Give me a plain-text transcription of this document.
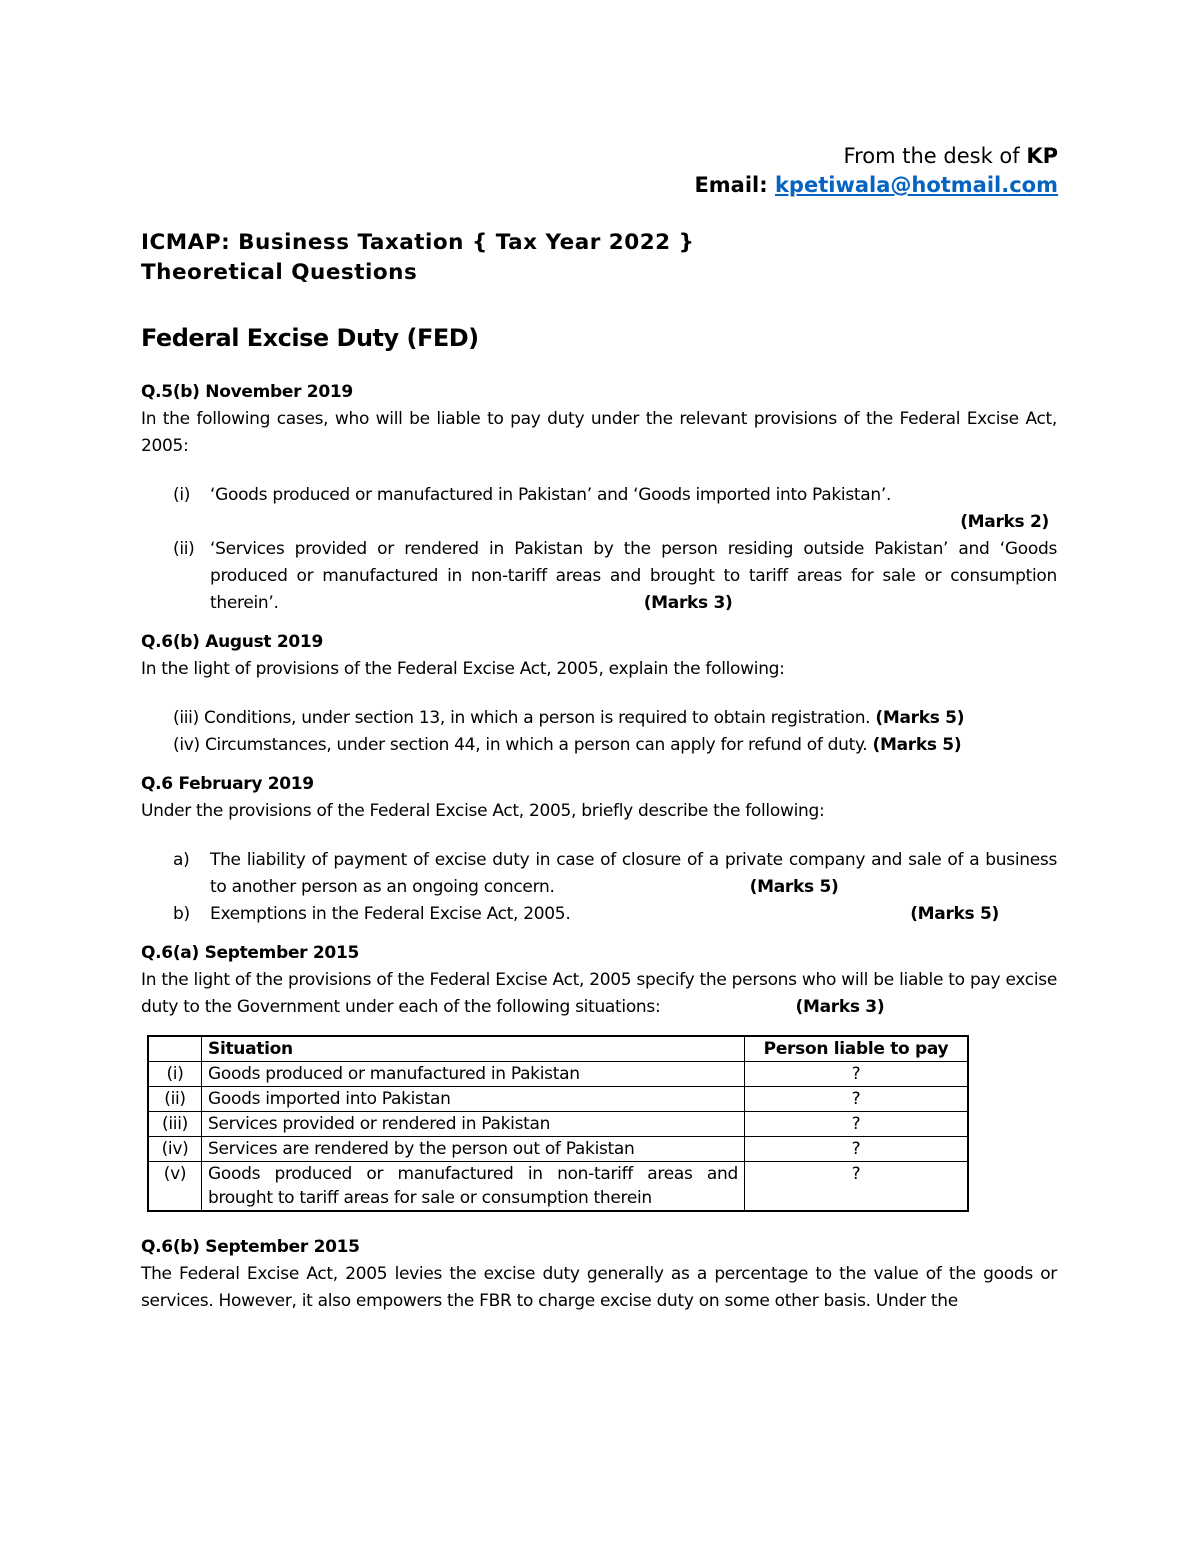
From the desk of KP
Email: kpetiwala@hotmail.com
ICMAP: Business Taxation { Tax Year 2022 }
Theoretical Questions
Federal Excise Duty (FED)

Q.5(b) November 2019

In the following cases, who will be liable to pay duty under the relevant provisions of the Federal Excise Act, 2005:

(i) ‘Goods produced or manufactured in Pakistan’ and ‘Goods imported into Pakistan’.
(Marks 2)
(ii) ‘Services provided or rendered in Pakistan by the person residing outside Pakistan’ and ‘Goods produced or manufactured in non-tariff areas and brought to tariff areas for sale or consumption therein’.	(Marks 3)

Q.6(b) August 2019

In the light of provisions of the Federal Excise Act, 2005, explain the following:

(iii) Conditions, under section 13, in which a person is required to obtain registration. (Marks 5)
(iv) Circumstances, under section 44, in which a person can apply for refund of duty. (Marks 5)

Q.6 February 2019

Under the provisions of the Federal Excise Act, 2005, briefly describe the following:

a) The liability of payment of excise duty in case of closure of a private company and sale of a business to another person as an ongoing concern.	(Marks 5)
b) Exemptions in the Federal Excise Act, 2005.	(Marks 5)

Q.6(a) September 2015

In the light of the provisions of the Federal Excise Act, 2005 specify the persons who will be liable to pay excise duty to the Government under each of the following situations:	(Marks 3)

	Situation	Person liable to pay
(i)	Goods produced or manufactured in Pakistan	?
(ii)	Goods imported into Pakistan	?
(iii)	Services provided or rendered in Pakistan	?
(iv)	Services are rendered by the person out of Pakistan	?
(v)	Goods produced or manufactured in non-tariff areas and brought to tariff areas for sale or consumption therein	?

Q.6(b) September 2015

The Federal Excise Act, 2005 levies the excise duty generally as a percentage to the value of the goods or services. However, it also empowers the FBR to charge excise duty on some other basis. Under the
